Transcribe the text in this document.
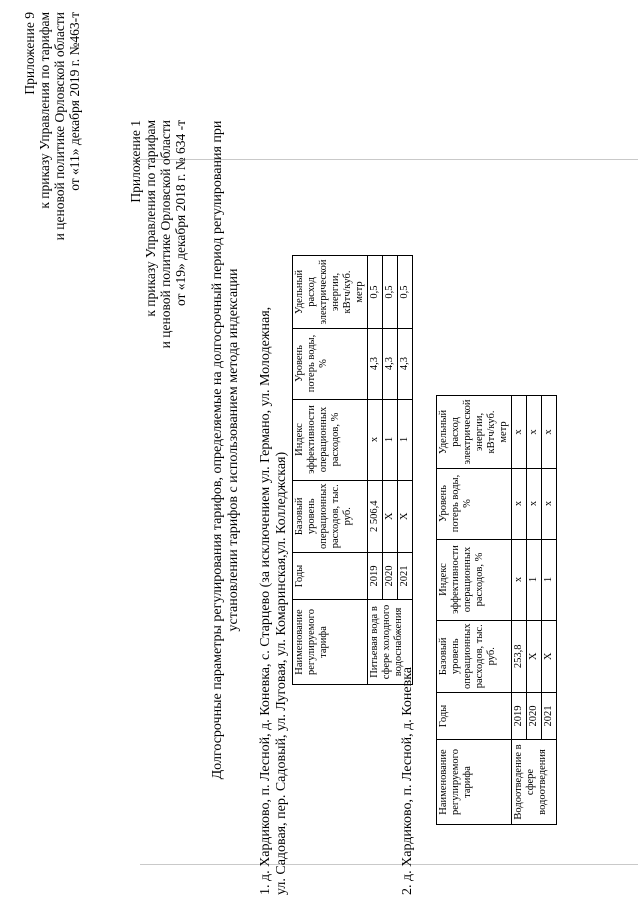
Приложение 9 к приказу Управления по тарифам и ценовой политике Орловской области от «11» декабря 2019 г. №463-т	Приложение 1 к приказу Управления по тарифам и ценовой политике Орловской области от «19» декабря 2018 г. № 634 -т Долгосрочные параметры регулирования тарифов, определяемые на долгосрочный период регулирования при установлении тарифов с использованием метода индексации 1. д. Хардиково, п. Лесной, д. Коневка, с. Старцево (за исключением ул. Германо, ул. Молодежная, ул. Садовая, пер. Садовый, ул. Луговая, ул. Комаринская,ул. Колледжская) Наименование регулируемого тарифа	Годы	Базовый уровень операционных расходов, тыс. руб.	Индекс эффективности операционных расходов, %	Уровень потерь воды, %	Удельный расход электрической энергии, кВтч/куб. метр
Питьевая вода в сфере холодного водоснабжения	2019	2 506,4	х	4,3	0,5
	2020	Х	1	4,3	0,5
	2021	Х	1	4,3	0,5
2. д. Хардиково, п. Лесной, д. Коневка Наименование регулируемого тарифа	Годы	Базовый уровень операционных расходов, тыс. руб.	Индекс эффективности операционных расходов, %	Уровень потерь воды, %	Удельный расход электрической энергии, кВтч/куб. метр
Водоотведение в сфере водоотведения	2019	253,8	х	х	х
	2020	Х	1	х	х
	2021	Х	1	х	х
